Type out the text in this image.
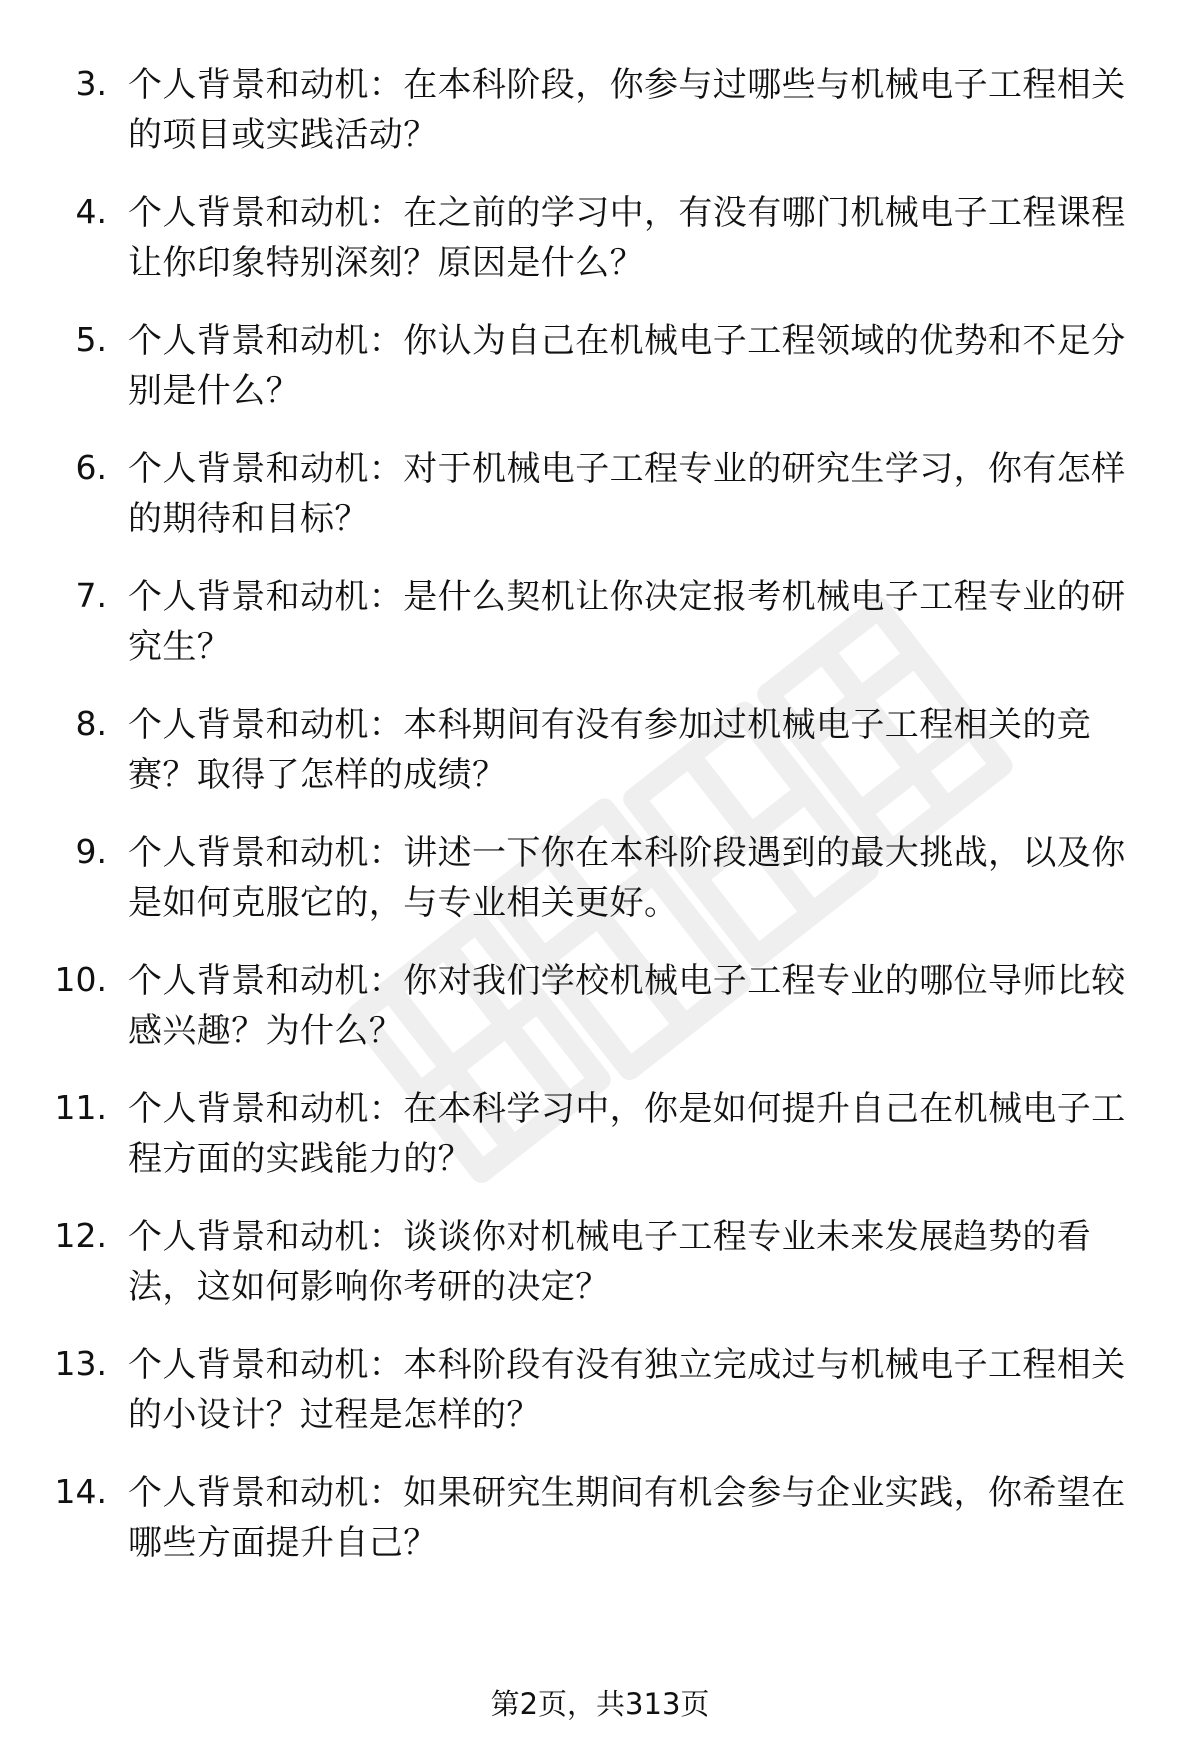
3. 个人背景和动机：在本科阶段，你参与过哪些与机械电子工程相关的项目或实践活动？
4. 个人背景和动机：在之前的学习中，有没有哪门机械电子工程课程让你印象特别深刻？原因是什么？
5. 个人背景和动机：你认为自己在机械电子工程领域的优势和不足分别是什么？
6. 个人背景和动机：对于机械电子工程专业的研究生学习，你有怎样的期待和目标？
7. 个人背景和动机：是什么契机让你决定报考机械电子工程专业的研究生？
8. 个人背景和动机：本科期间有没有参加过机械电子工程相关的竞赛？取得了怎样的成绩？
9. 个人背景和动机：讲述一下你在本科阶段遇到的最大挑战，以及你是如何克服它的，与专业相关更好。
10. 个人背景和动机：你对我们学校机械电子工程专业的哪位导师比较感兴趣？为什么？
11. 个人背景和动机：在本科学习中，你是如何提升自己在机械电子工程方面的实践能力的？
12. 个人背景和动机：谈谈你对机械电子工程专业未来发展趋势的看法，这如何影响你考研的决定？
13. 个人背景和动机：本科阶段有没有独立完成过与机械电子工程相关的小设计？过程是怎样的？
14. 个人背景和动机：如果研究生期间有机会参与企业实践，你希望在哪些方面提升自己？
第2页，共313页
